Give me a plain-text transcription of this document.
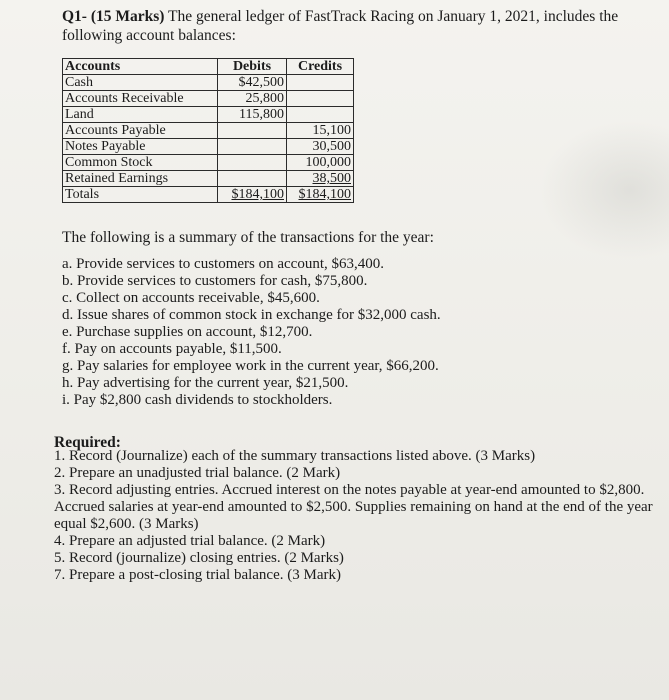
Q1- (15 Marks) The general ledger of FastTrack Racing on January 1, 2021, includes the following account balances:
Accounts	Debits	Credits
Cash	$42,500	
Accounts Receivable	25,800	
Land	115,800	
Accounts Payable		15,100
Notes Payable		30,500
Common Stock		100,000
Retained Earnings		38,500
Totals	$184,100	$184,100
The following is a summary of the transactions for the year:
a. Provide services to customers on account, $63,400.
b. Provide services to customers for cash, $75,800.
c. Collect on accounts receivable, $45,600.
d. Issue shares of common stock in exchange for $32,000 cash.
e. Purchase supplies on account, $12,700.
f. Pay on accounts payable, $11,500.
g. Pay salaries for employee work in the current year, $66,200.
h. Pay advertising for the current year, $21,500.
i. Pay $2,800 cash dividends to stockholders.
Required:
1. Record (Journalize) each of the summary transactions listed above. (3 Marks)
2. Prepare an unadjusted trial balance. (2 Mark)
3. Record adjusting entries. Accrued interest on the notes payable at year-end amounted to $2,800. Accrued salaries at year-end amounted to $2,500. Supplies remaining on hand at the end of the year equal $2,600. (3 Marks)
4. Prepare an adjusted trial balance. (2 Mark)
5. Record (journalize) closing entries. (2 Marks)
7. Prepare a post-closing trial balance. (3 Mark)
